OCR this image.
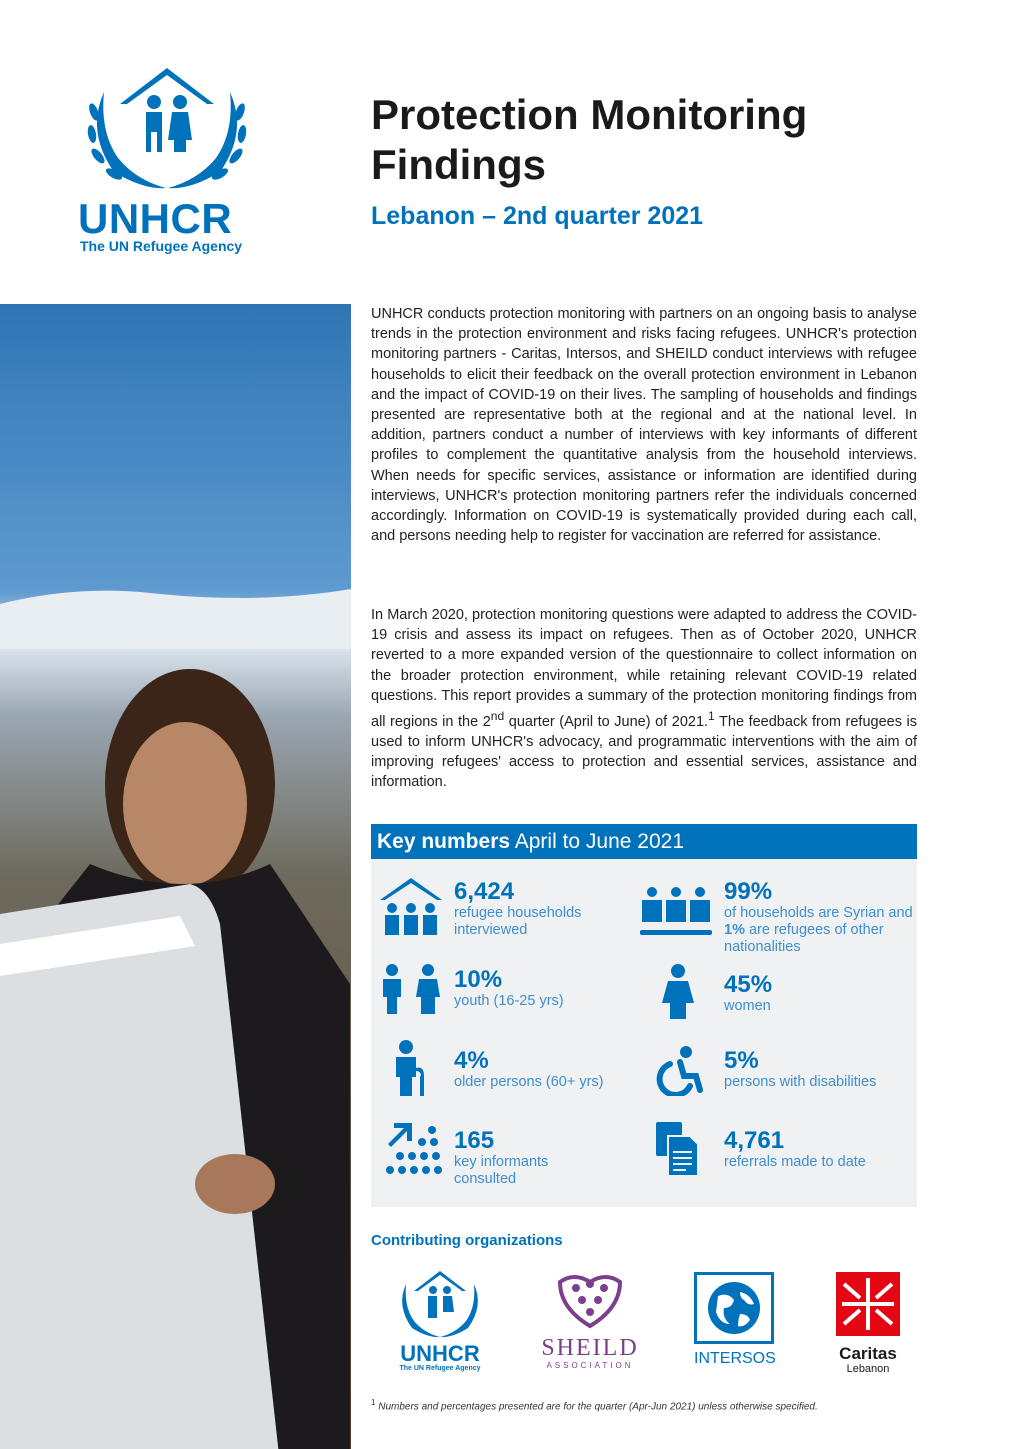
UNHCR
The UN Refugee Agency
Protection Monitoring Findings
Lebanon – 2nd quarter 2021

UNHCR conducts protection monitoring with partners on an ongoing basis to analyse trends in the protection environment and risks facing refugees. UNHCR's protection monitoring partners - Caritas, Intersos, and SHEILD conduct interviews with refugee households to elicit their feedback on the overall protection environment in Lebanon and the impact of COVID-19 on their lives. The sampling of households and findings presented are representative both at the regional and at the national level. In addition, partners conduct a number of interviews with key informants of different profiles to complement the quantitative analysis from the household interviews. When needs for specific services, assistance or information are identified during interviews, UNHCR's protection monitoring partners refer the individuals concerned accordingly. Information on COVID-19 is systematically provided during each call, and persons needing help to register for vaccination are referred for assistance.

In March 2020, protection monitoring questions were adapted to address the COVID-19 crisis and assess its impact on refugees. Then as of October 2020, UNHCR reverted to a more expanded version of the questionnaire to collect information on the broader protection environment, while retaining relevant COVID-19 related questions. This report provides a summary of the protection monitoring findings from all regions in the 2nd quarter (April to June) of 2021.$^1$ The feedback from refugees is used to inform UNHCR's advocacy, and programmatic interventions with the aim of improving refugees' access to protection and essential services, assistance and information.

Key numbers April to June 2021
6,424
refugee households interviewed
99%
of households are Syrian and 1% are refugees of other nationalities
10%
youth (16-25 yrs)
45%
women
4%
older persons (60+ yrs)
5%
persons with disabilities
165
key informants consulted
4,761
referrals made to date
Contributing organizations
UNHCR
The UN Refugee Agency
SHEILD
ASSOCIATION	INTERSOS	Caritas
Lebanon
$^1$ Numbers and percentages presented are for the quarter (Apr-Jun 2021) unless otherwise specified.
